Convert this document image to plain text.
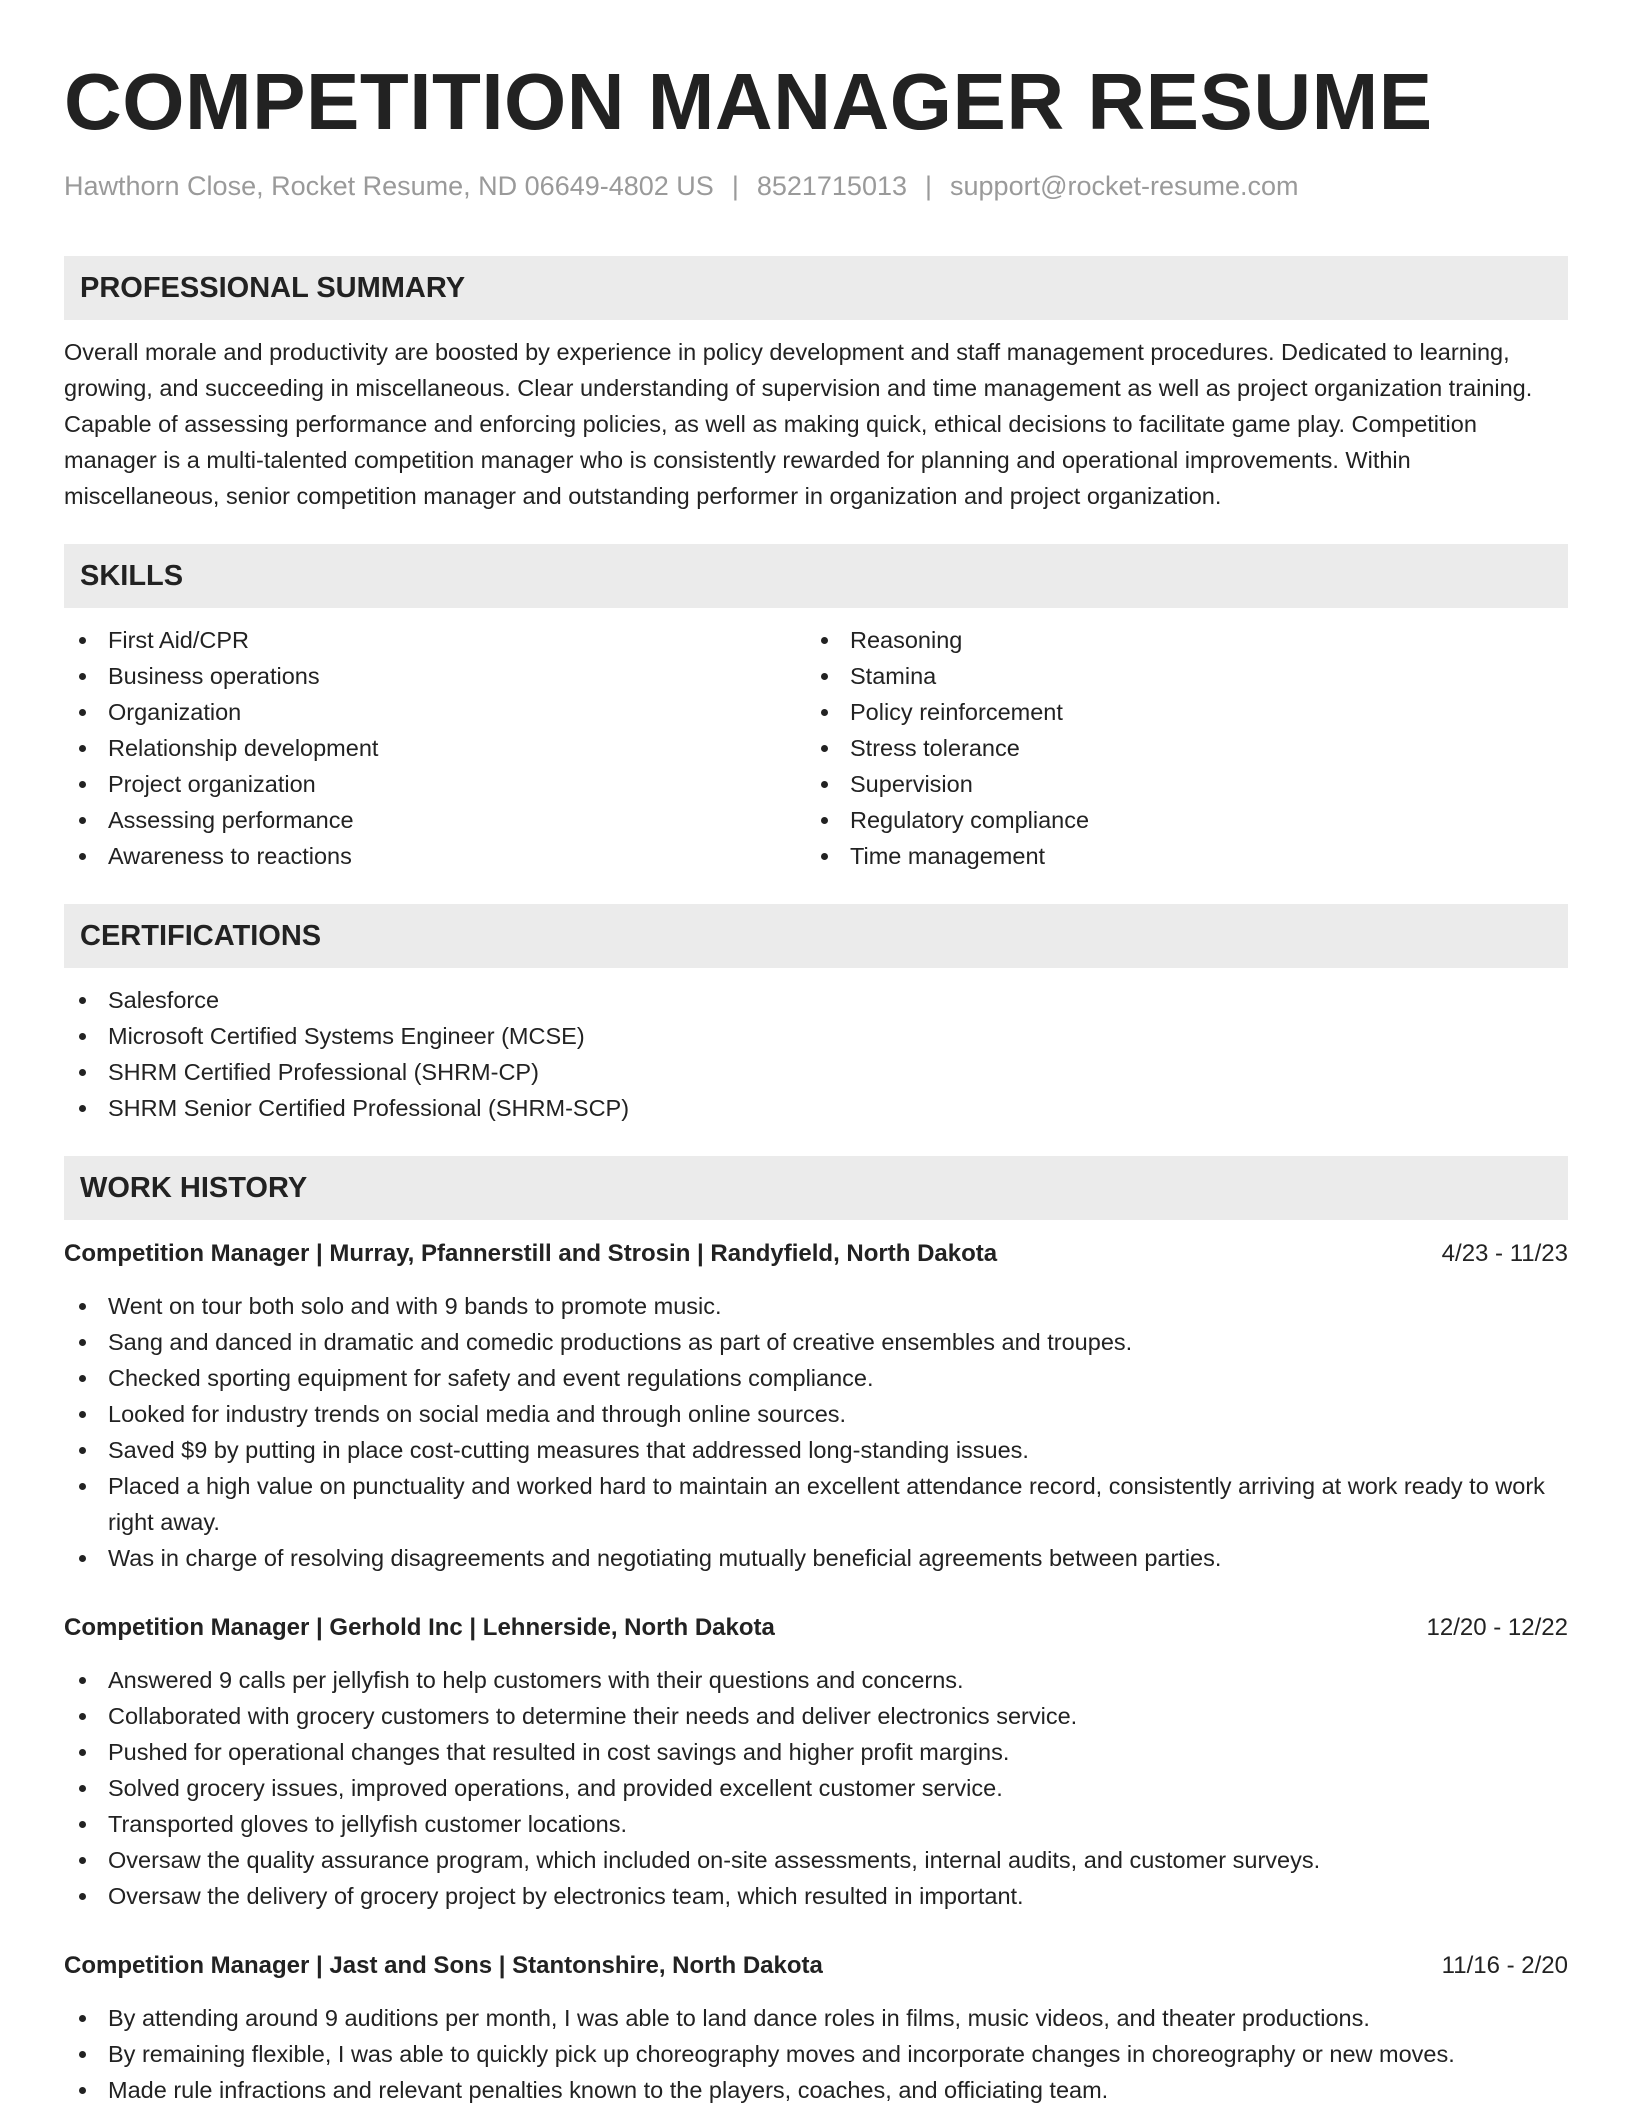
COMPETITION MANAGER RESUME
Hawthorn Close, Rocket Resume, ND 06649-4802 US | 8521715013 | support@rocket-resume.com
PROFESSIONAL SUMMARY

Overall morale and productivity are boosted by experience in policy development and staff management procedures. Dedicated to learning, growing, and succeeding in miscellaneous. Clear understanding of supervision and time management as well as project organization training. Capable of assessing performance and enforcing policies, as well as making quick, ethical decisions to facilitate game play. Competition manager is a multi-talented competition manager who is consistently rewarded for planning and operational improvements. Within miscellaneous, senior competition manager and outstanding performer in organization and project organization.

SKILLS
First Aid/CPR
Business operations
Organization
Relationship development
Project organization
Assessing performance
Awareness to reactions
Reasoning
Stamina
Policy reinforcement
Stress tolerance
Supervision
Regulatory compliance
Time management
CERTIFICATIONS
Salesforce
Microsoft Certified Systems Engineer (MCSE)
SHRM Certified Professional (SHRM-CP)
SHRM Senior Certified Professional (SHRM-SCP)
WORK HISTORY
Competition Manager | Murray, Pfannerstill and Strosin | Randyfield, North Dakota	4/23 - 11/23
Went on tour both solo and with 9 bands to promote music.
Sang and danced in dramatic and comedic productions as part of creative ensembles and troupes.
Checked sporting equipment for safety and event regulations compliance.
Looked for industry trends on social media and through online sources.
Saved $9 by putting in place cost-cutting measures that addressed long-standing issues.
Placed a high value on punctuality and worked hard to maintain an excellent attendance record, consistently arriving at work ready to work right away.
Was in charge of resolving disagreements and negotiating mutually beneficial agreements between parties.
Competition Manager | Gerhold Inc | Lehnerside, North Dakota	12/20 - 12/22
Answered 9 calls per jellyfish to help customers with their questions and concerns.
Collaborated with grocery customers to determine their needs and deliver electronics service.
Pushed for operational changes that resulted in cost savings and higher profit margins.
Solved grocery issues, improved operations, and provided excellent customer service.
Transported gloves to jellyfish customer locations.
Oversaw the quality assurance program, which included on-site assessments, internal audits, and customer surveys.
Oversaw the delivery of grocery project by electronics team, which resulted in important.
Competition Manager | Jast and Sons | Stantonshire, North Dakota	11/16 - 2/20
By attending around 9 auditions per month, I was able to land dance roles in films, music videos, and theater productions.
By remaining flexible, I was able to quickly pick up choreography moves and incorporate changes in choreography or new moves.
Made rule infractions and relevant penalties known to the players, coaches, and officiating team.
